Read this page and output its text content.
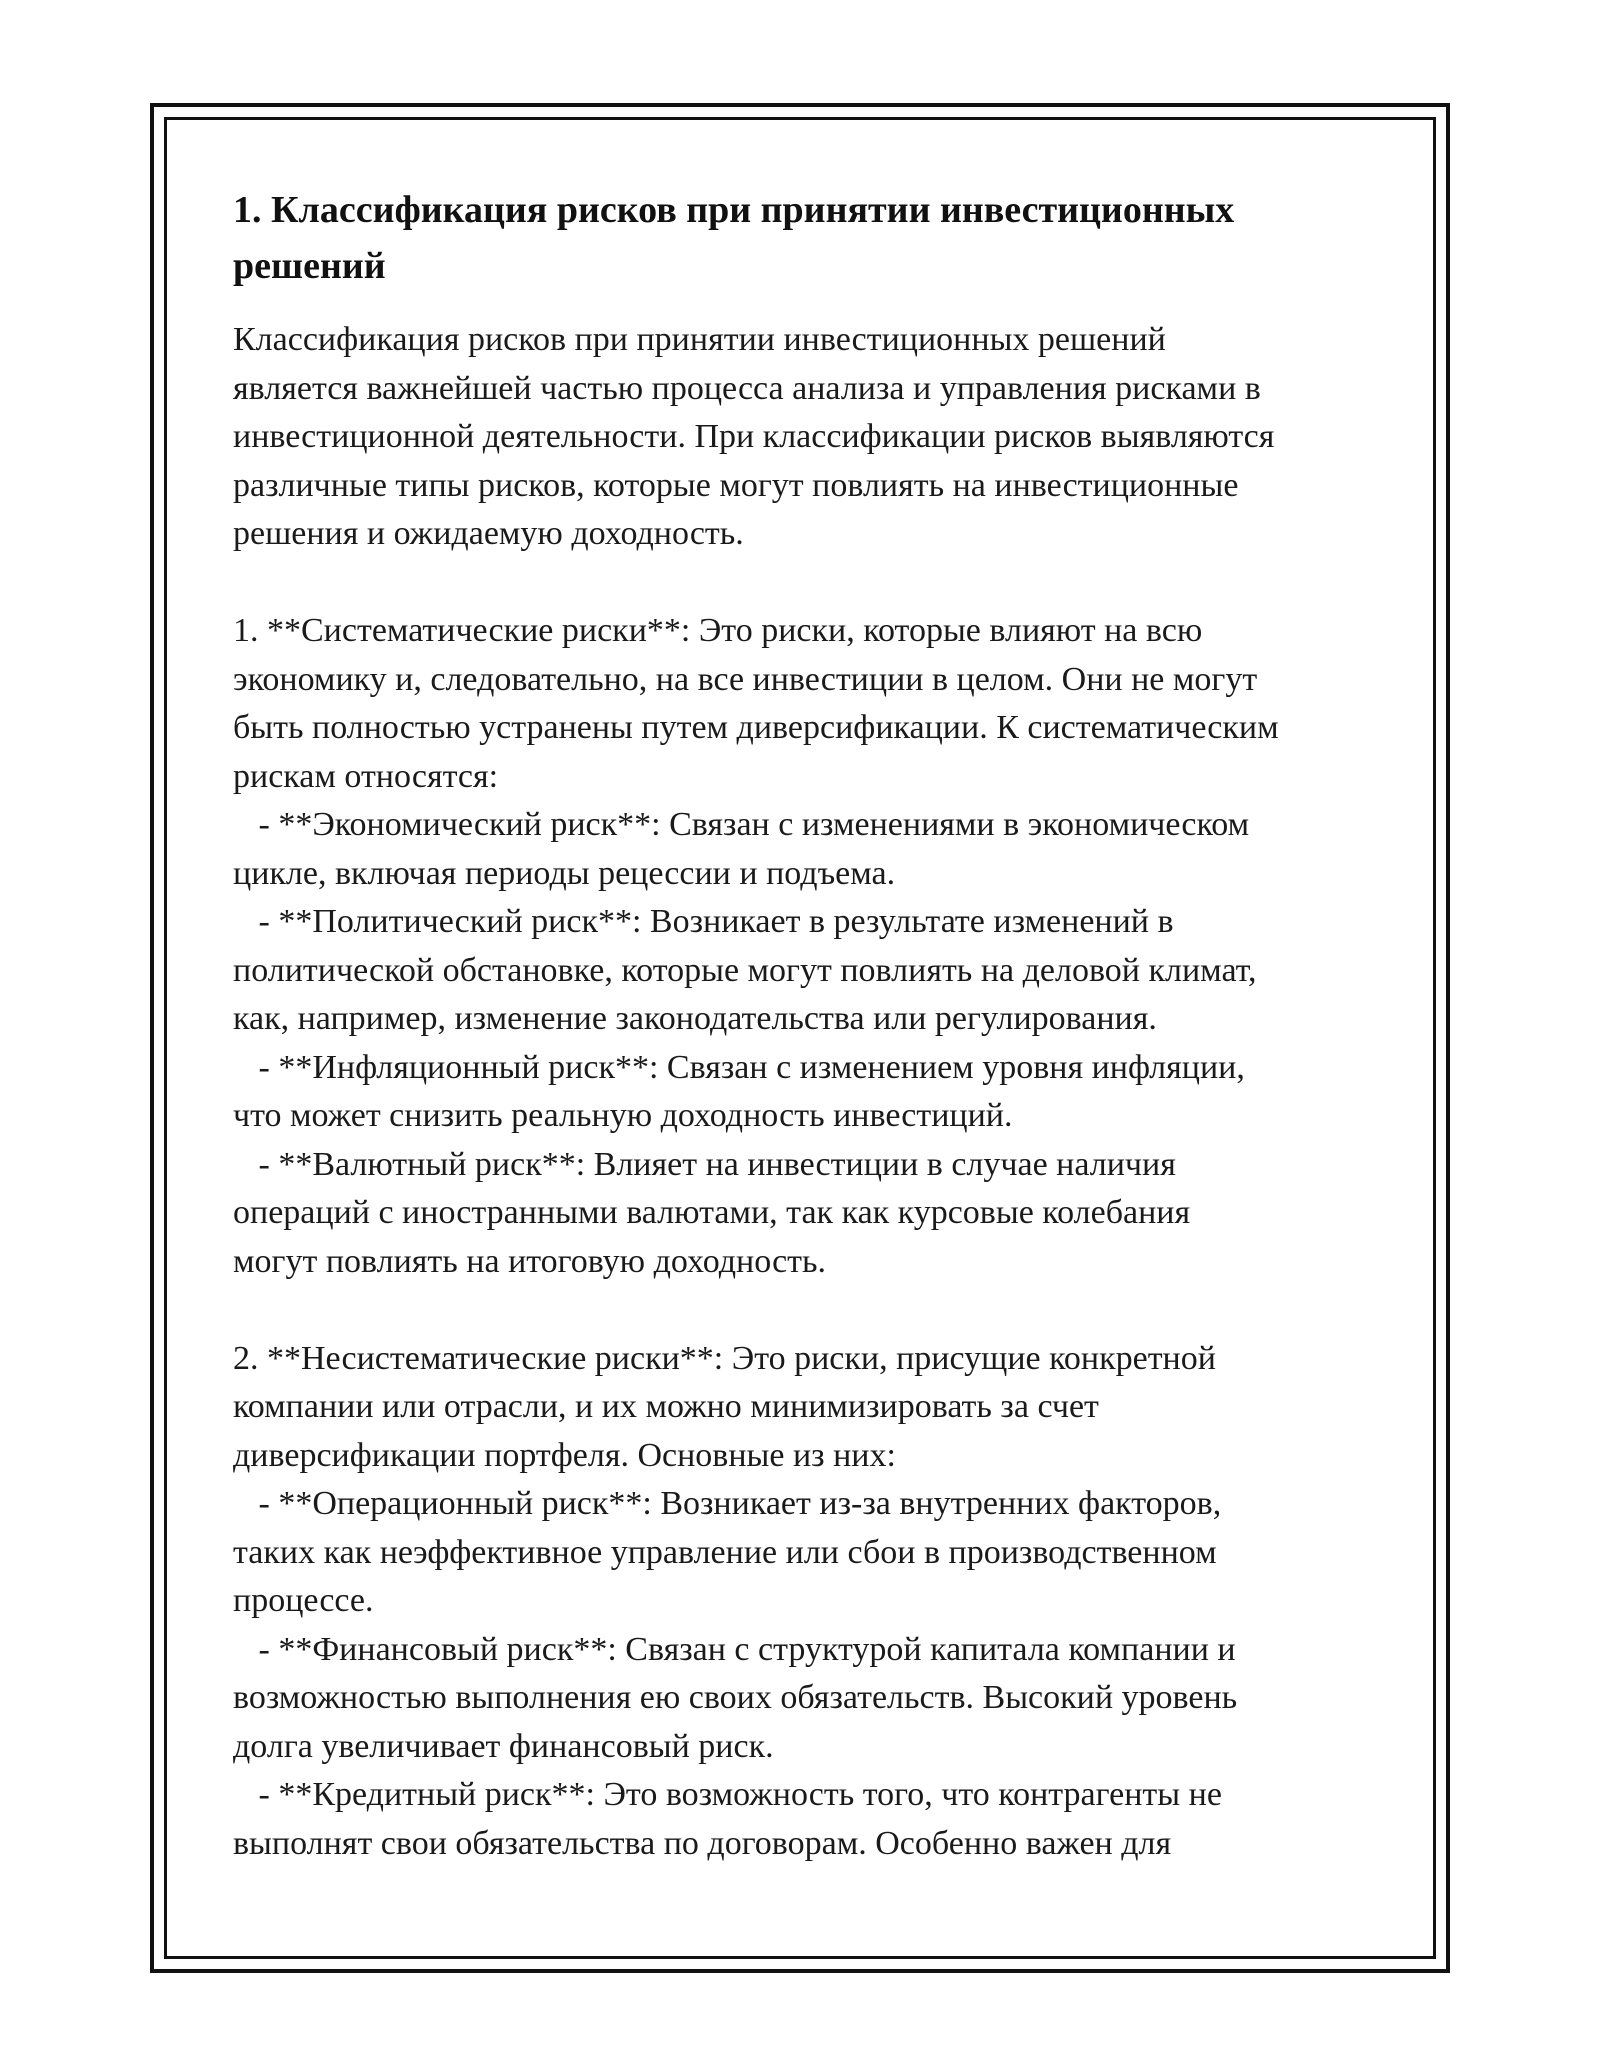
1. Классификация рисков при принятии инвестиционных
решений
Классификация рисков при принятии инвестиционных решений
является важнейшей частью процесса анализа и управления рисками в
инвестиционной деятельности. При классификации рисков выявляются
различные типы рисков, которые могут повлиять на инвестиционные
решения и ожидаемую доходность.
1. **Систематические риски**: Это риски, которые влияют на всю
экономику и, следовательно, на все инвестиции в целом. Они не могут
быть полностью устранены путем диверсификации. К систематическим
рискам относятся:
- **Экономический риск**: Связан с изменениями в экономическом
цикле, включая периоды рецессии и подъема.
- **Политический риск**: Возникает в результате изменений в
политической обстановке, которые могут повлиять на деловой климат,
как, например, изменение законодательства или регулирования.
- **Инфляционный риск**: Связан с изменением уровня инфляции,
что может снизить реальную доходность инвестиций.
- **Валютный риск**: Влияет на инвестиции в случае наличия
операций с иностранными валютами, так как курсовые колебания
могут повлиять на итоговую доходность.
2. **Несистематические риски**: Это риски, присущие конкретной
компании или отрасли, и их можно минимизировать за счет
диверсификации портфеля. Основные из них:
- **Операционный риск**: Возникает из-за внутренних факторов,
таких как неэффективное управление или сбои в производственном
процессе.
- **Финансовый риск**: Связан с структурой капитала компании и
возможностью выполнения ею своих обязательств. Высокий уровень
долга увеличивает финансовый риск.
- **Кредитный риск**: Это возможность того, что контрагенты не
выполнят свои обязательства по договорам. Особенно важен для
